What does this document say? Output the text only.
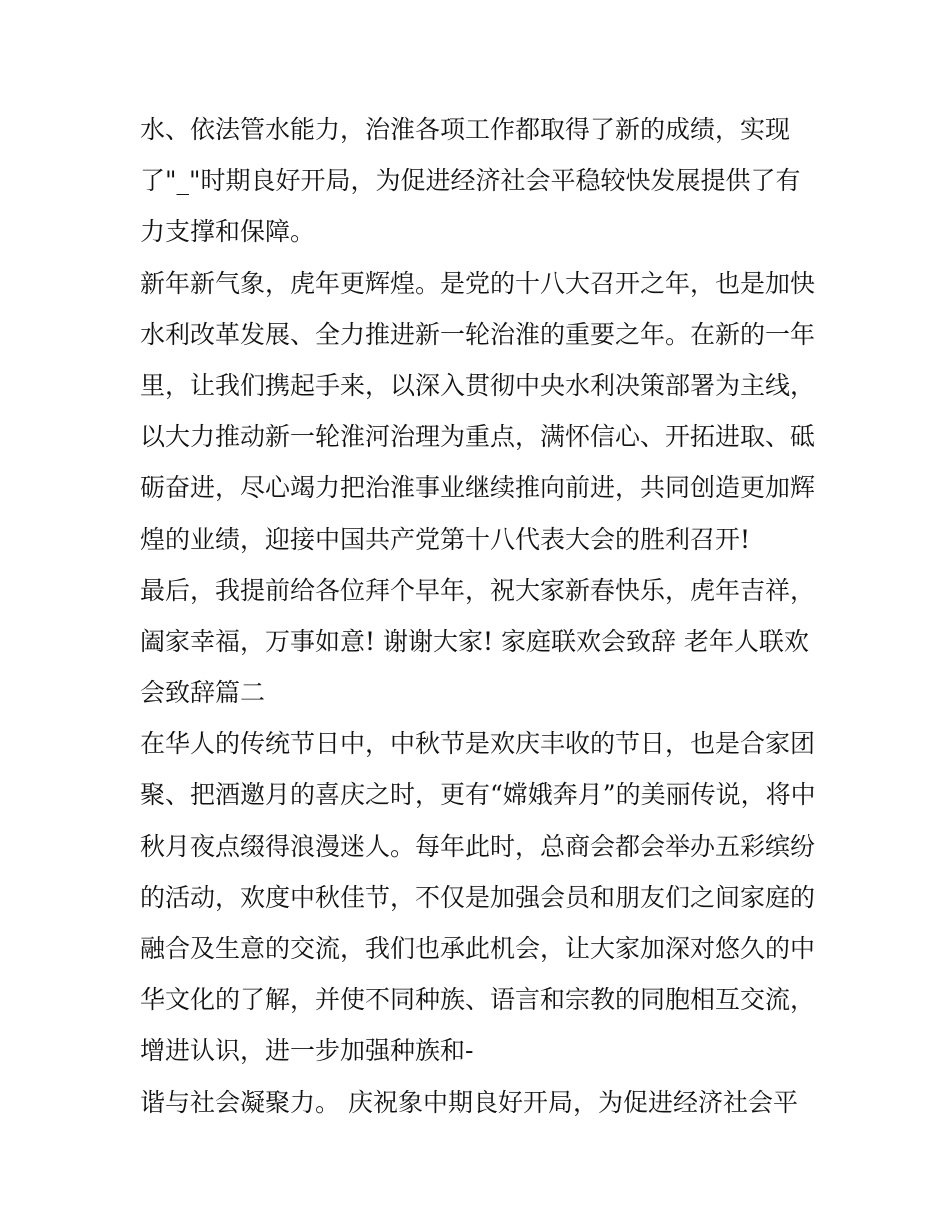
水、依法管水能力，治淮各项工作都取得了新的成绩，实现
了"_"时期良好开局，为促进经济社会平稳较快发展提供了有
力支撑和保障。
新年新气象，虎年更辉煌。是党的十八大召开之年，也是加快
水利改革发展、全力推进新一轮治淮的重要之年。在新的一年
里，让我们携起手来，以深入贯彻中央水利决策部署为主线，
以大力推动新一轮淮河治理为重点，满怀信心、开拓进取、砥
砺奋进，尽心竭力把治淮事业继续推向前进，共同创造更加辉
煌的业绩，迎接中国共产党第十八代表大会的胜利召开!
最后，我提前给各位拜个早年，祝大家新春快乐，虎年吉祥，
阖家幸福，万事如意! 谢谢大家! 家庭联欢会致辞 老年人联欢
会致辞篇二
在华人的传统节日中，中秋节是欢庆丰收的节日，也是合家团
聚、把酒邀月的喜庆之时，更有“嫦娥奔月”的美丽传说，将中
秋月夜点缀得浪漫迷人。每年此时，总商会都会举办五彩缤纷
的活动，欢度中秋佳节，不仅是加强会员和朋友们之间家庭的
融合及生意的交流，我们也承此机会，让大家加深对悠久的中
华文化的了解，并使不同种族、语言和宗教的同胞相互交流，
增进认识，进一步加强种族和-
谐与社会凝聚力。 庆祝象中期良好开局，为促进经济社会平
